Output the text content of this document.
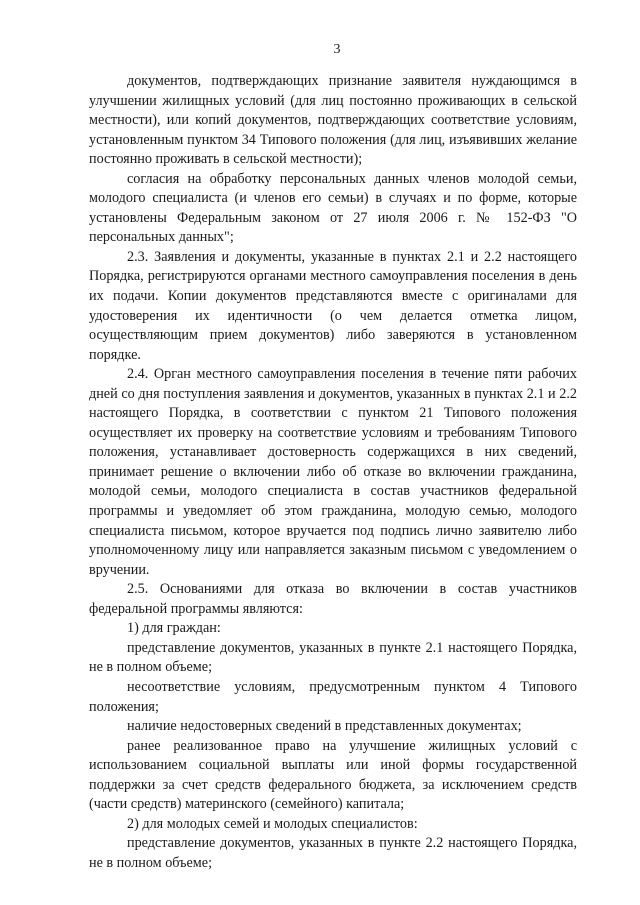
3

документов, подтверждающих признание заявителя нуждающимся в улучшении жилищных условий (для лиц постоянно проживающих в сельской местности), или копий документов, подтверждающих соответствие условиям, установленным пунктом 34 Типового положения (для лиц, изъявивших желание постоянно проживать в сельской местности);

согласия на обработку персональных данных членов молодой семьи, молодого специалиста (и членов его семьи) в случаях и по форме, которые установлены Федеральным законом от 27 июля 2006 г. № 152-ФЗ "О персональных данных";

2.3. Заявления и документы, указанные в пунктах 2.1 и 2.2 настоящего Порядка, регистрируются органами местного самоуправления поселения в день их подачи. Копии документов представляются вместе с оригиналами для удостоверения их идентичности (о чем делается отметка лицом, осуществляющим прием документов) либо заверяются в установленном порядке.

2.4. Орган местного самоуправления поселения в течение пяти рабочих дней со дня поступления заявления и документов, указанных в пунктах 2.1 и 2.2 настоящего Порядка, в соответствии с пунктом 21 Типового положения осуществляет их проверку на соответствие условиям и требованиям Типового положения, устанавливает достоверность содержащихся в них сведений, принимает решение о включении либо об отказе во включении гражданина, молодой семьи, молодого специалиста в состав участников федеральной программы и уведомляет об этом гражданина, молодую семью, молодого специалиста письмом, которое вручается под подпись лично заявителю либо уполномоченному лицу или направляется заказным письмом с уведомлением о вручении.

2.5. Основаниями для отказа во включении в состав участников федеральной программы являются:

1) для граждан:

представление документов, указанных в пункте 2.1 настоящего Порядка, не в полном объеме;

несоответствие условиям, предусмотренным пунктом 4 Типового положения;

наличие недостоверных сведений в представленных документах;

ранее реализованное право на улучшение жилищных условий с использованием социальной выплаты или иной формы государственной поддержки за счет средств федерального бюджета, за исключением средств (части средств) материнского (семейного) капитала;

2) для молодых семей и молодых специалистов:

представление документов, указанных в пункте 2.2 настоящего Порядка, не в полном объеме;
